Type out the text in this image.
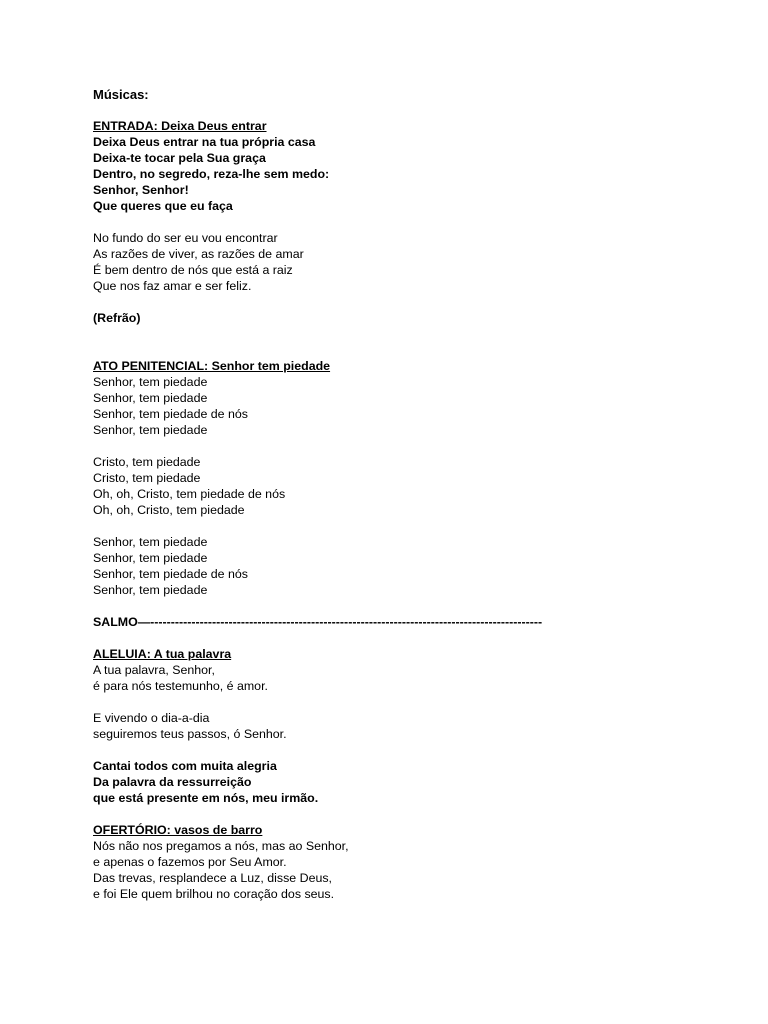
Músicas:
ENTRADA: Deixa Deus entrar
Deixa Deus entrar na tua própria casa
Deixa-te tocar pela Sua graça
Dentro, no segredo, reza-lhe sem medo:
Senhor, Senhor!
Que queres que eu faça
No fundo do ser eu vou encontrar
As razões de viver, as razões de amar
É bem dentro de nós que está a raiz
Que nos faz amar e ser feliz.
(Refrão)
ATO PENITENCIAL: Senhor tem piedade
Senhor, tem piedade
Senhor, tem piedade
Senhor, tem piedade de nós
Senhor, tem piedade
Cristo, tem piedade
Cristo, tem piedade
Oh, oh, Cristo, tem piedade de nós
Oh, oh, Cristo, tem piedade
Senhor, tem piedade
Senhor, tem piedade
Senhor, tem piedade de nós
Senhor, tem piedade
SALMO—-----------------------------------------------------------------------------------------------
ALELUIA: A tua palavra
A tua palavra, Senhor,
é para nós testemunho, é amor.
E vivendo o dia-a-dia
seguiremos teus passos, ó Senhor.
Cantai todos com muita alegria
Da palavra da ressurreição
que está presente em nós, meu irmão.
OFERTÓRIO: vasos de barro
Nós não nos pregamos a nós, mas ao Senhor,
e apenas o fazemos por Seu Amor.
Das trevas, resplandece a Luz, disse Deus,
e foi Ele quem brilhou no coração dos seus.
